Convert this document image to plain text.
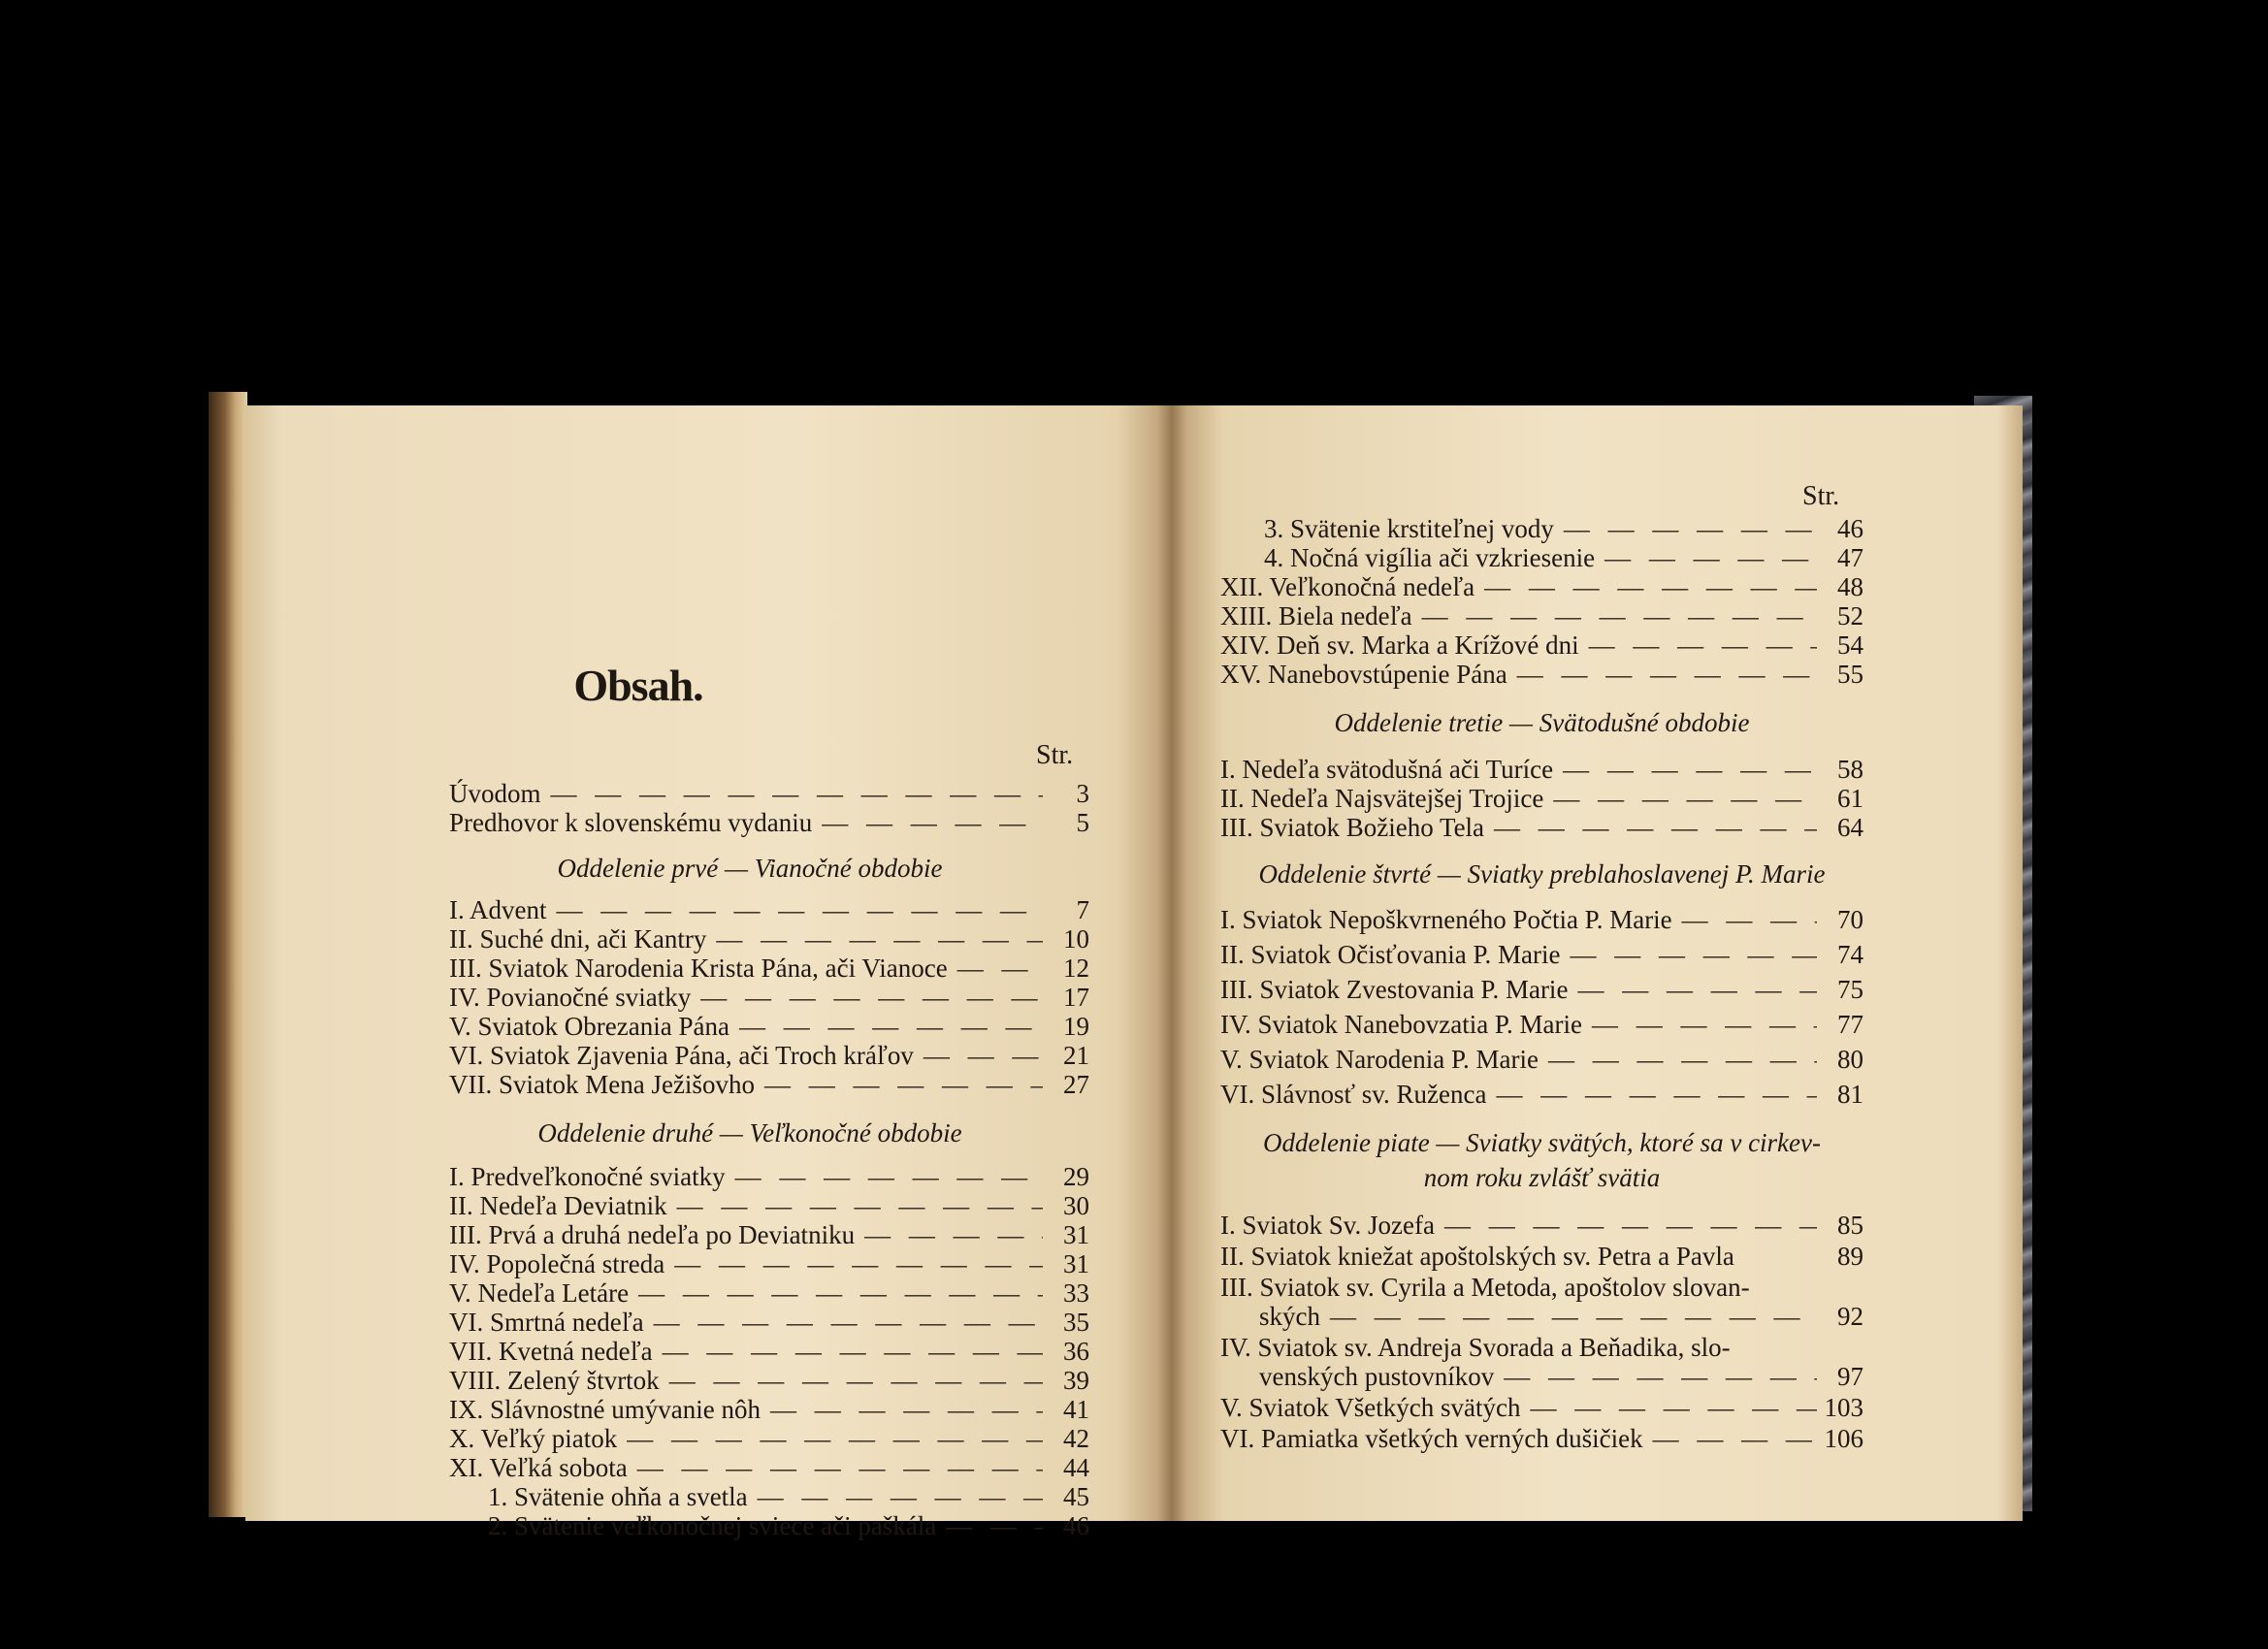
Obsah.
Str.
Úvodom — — —	3
Predhovor k slovenskému vydaniu — — —	5
Oddelenie prvé — Vianočné obdobie
I. Advent — — —	7
II. Suché dni, ači Kantry — — —	10
III. Sviatok Narodenia Krista Pána, ači Vianoce — — —	12
IV. Povianočné sviatky — — —	17
V. Sviatok Obrezania Pána — — —	19
VI. Sviatok Zjavenia Pána, ači Troch kráľov — — —	21
VII. Sviatok Mena Ježišovho — — —	27
Oddelenie druhé — Veľkonočné obdobie
I. Predveľkonočné sviatky — — —	29
II. Nedeľa Deviatnik — — —	30
III. Prvá a druhá nedeľa po Deviatniku — — —	31
IV. Popolečná streda — — —	31
V. Nedeľa Letáre — — —	33
VI. Smrtná nedeľa — — —	35
VII. Kvetná nedeľa — — —	36
VIII. Zelený štvrtok — — —	39
IX. Slávnostné umývanie nôh — — —	41
X. Veľký piatok — — —	42
XI. Veľká sobota — — —	44
1. Svätenie ohňa a svetla — — —	45
2. Svätenie veľkonočnej sviece ači paškála — — —	46
Str.
3. Svätenie krstiteľnej vody — — —	46
4. Nočná vigília ači vzkriesenie — — —	47
XII. Veľkonočná nedeľa — — —	48
XIII. Biela nedeľa — — —	52
XIV. Deň sv. Marka a Krížové dni — — —	54
XV. Nanebovstúpenie Pána — — —	55
Oddelenie tretie — Svätodušné obdobie
I. Nedeľa svätodušná ači Turíce — — —	58
II. Nedeľa Najsvätejšej Trojice — — —	61
III. Sviatok Božieho Tela — — —	64
Oddelenie štvrté — Sviatky preblahoslavenej P. Marie
I. Sviatok Nepoškvrneného Počtia P. Marie — — —	70
II. Sviatok Očisťovania P. Marie — — —	74
III. Sviatok Zvestovania P. Marie — — —	75
IV. Sviatok Nanebovzatia P. Marie — — —	77
V. Sviatok Narodenia P. Marie — — —	80
VI. Slávnosť sv. Ruženca — — —	81
Oddelenie piate — Sviatky svätých, ktoré sa v cirkev-
nom roku zvlášť svätia
I. Sviatok Sv. Jozefa — — —	85
II. Sviatok kniežat apoštolských sv. Petra a Pavla	89
III. Sviatok sv. Cyrila a Metoda, apoštolov slovan-
ských — — —	92
IV. Sviatok sv. Andreja Svorada a Beňadika, slo-
venských pustovníkov — — —	97
V. Sviatok Všetkých svätých — — —	103
VI. Pamiatka všetkých verných dušičiek — — —	106
